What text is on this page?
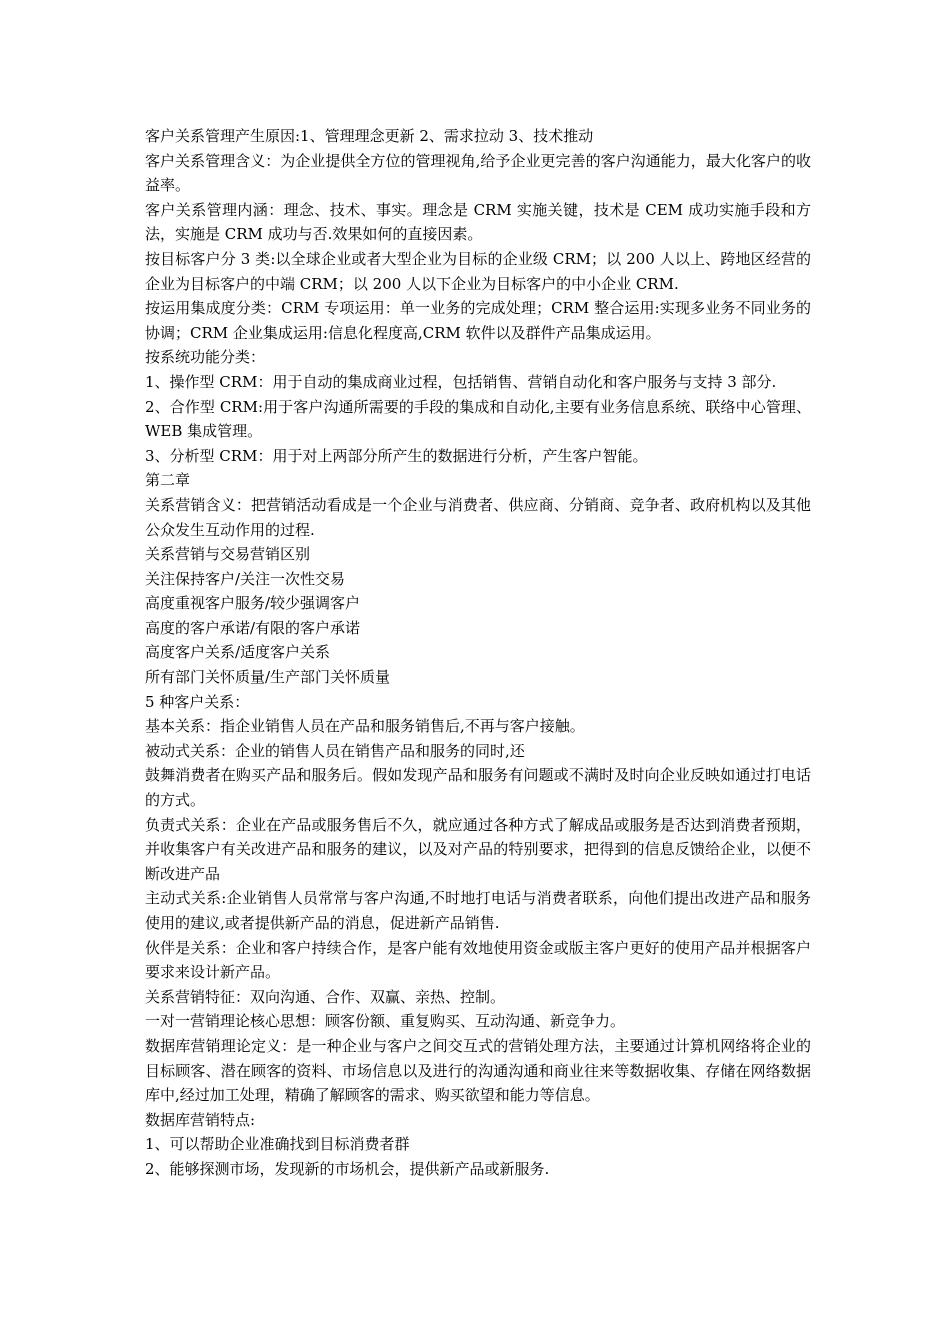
客户关系管理产生原因:1、管理理念更新 2、需求拉动 3、技术推动

客户关系管理含义：为企业提供全方位的管理视角,给予企业更完善的客户沟通能力，最大化客户的收益率。

客户关系管理内涵：理念、技术、事实。理念是 CRM 实施关键，技术是 CEM 成功实施手段和方法，实施是 CRM 成功与否.效果如何的直接因素。

按目标客户分 3 类:以全球企业或者大型企业为目标的企业级 CRM；以 200 人以上、跨地区经营的企业为目标客户的中端 CRM；以 200 人以下企业为目标客户的中小企业 CRM.

按运用集成度分类：CRM 专项运用：单一业务的完成处理；CRM 整合运用:实现多业务不同业务的协调；CRM 企业集成运用:信息化程度高,CRM 软件以及群件产品集成运用。

按系统功能分类：

1、操作型 CRM：用于自动的集成商业过程，包括销售、营销自动化和客户服务与支持 3 部分.

2、合作型 CRM:用于客户沟通所需要的手段的集成和自动化,主要有业务信息系统、联络中心管理、WEB 集成管理。

3、分析型 CRM：用于对上两部分所产生的数据进行分析，产生客户智能。

第二章

关系营销含义：把营销活动看成是一个企业与消费者、供应商、分销商、竞争者、政府机构以及其他公众发生互动作用的过程.

关系营销与交易营销区别

关注保持客户/关注一次性交易

高度重视客户服务/较少强调客户

高度的客户承诺/有限的客户承诺

高度客户关系/适度客户关系

所有部门关怀质量/生产部门关怀质量

5 种客户关系：

基本关系：指企业销售人员在产品和服务销售后,不再与客户接触。

被动式关系：企业的销售人员在销售产品和服务的同时,还

鼓舞消费者在购买产品和服务后。假如发现产品和服务有问题或不满时及时向企业反映如通过打电话的方式。

负责式关系：企业在产品或服务售后不久，就应通过各种方式了解成品或服务是否达到消费者预期，并收集客户有关改进产品和服务的建议，以及对产品的特别要求，把得到的信息反馈给企业，以便不断改进产品

主动式关系:企业销售人员常常与客户沟通,不时地打电话与消费者联系，向他们提出改进产品和服务使用的建议,或者提供新产品的消息，促进新产品销售.

伙伴是关系：企业和客户持续合作，是客户能有效地使用资金或版主客户更好的使用产品并根据客户要求来设计新产品。

关系营销特征：双向沟通、合作、双赢、亲热、控制。

一对一营销理论核心思想：顾客份额、重复购买、互动沟通、新竞争力。

数据库营销理论定义：是一种企业与客户之间交互式的营销处理方法，主要通过计算机网络将企业的目标顾客、潜在顾客的资料、市场信息以及进行的沟通沟通和商业往来等数据收集、存储在网络数据库中,经过加工处理，精确了解顾客的需求、购买欲望和能力等信息。

数据库营销特点:

1、可以帮助企业准确找到目标消费者群

2、能够探测市场，发现新的市场机会，提供新产品或新服务.
